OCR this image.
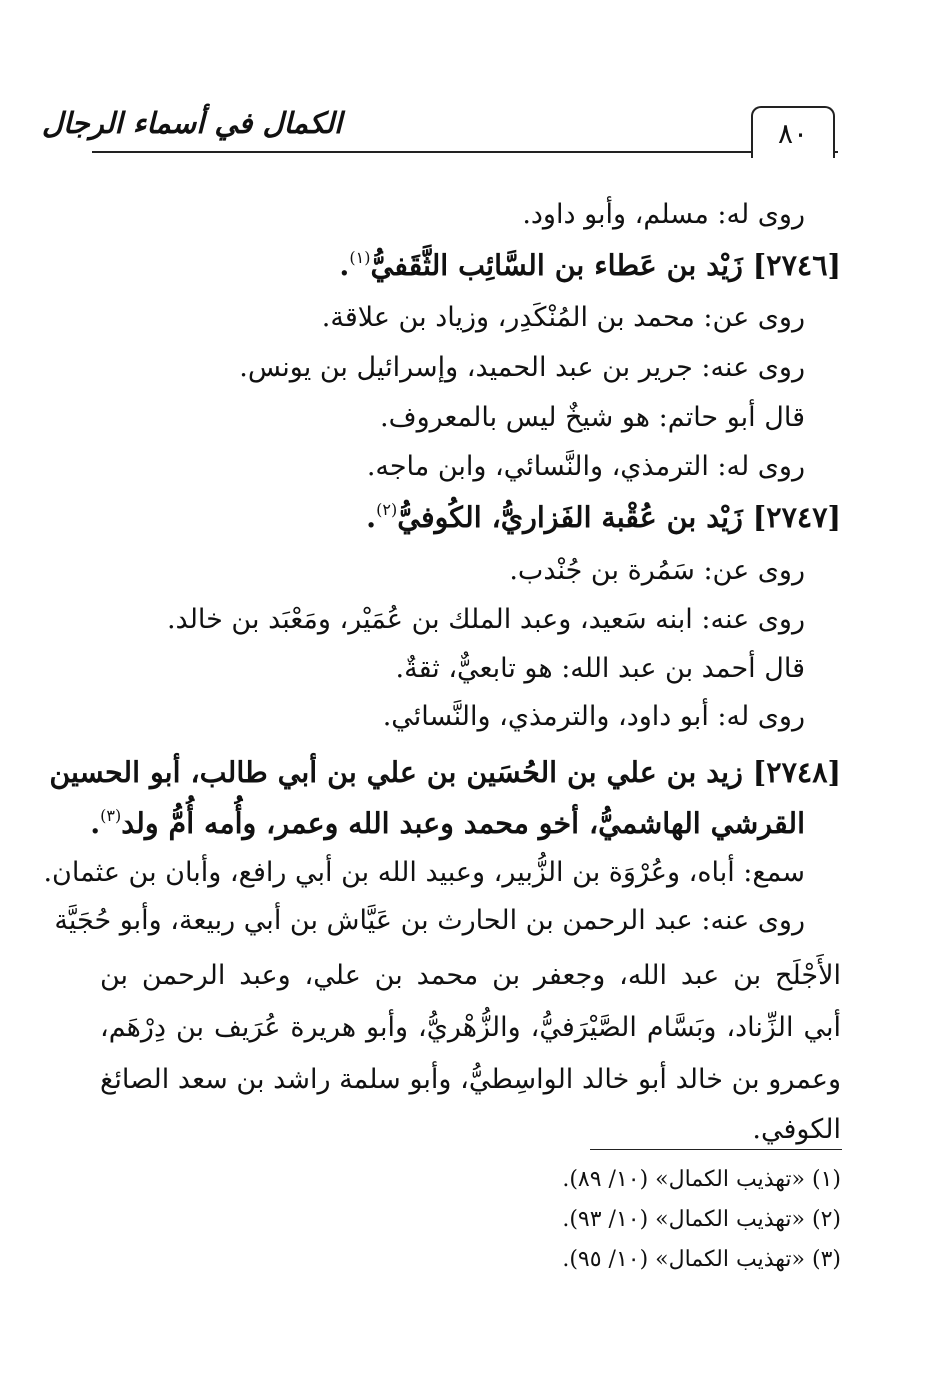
الكمال في أسماء الرجال	٨٠
روى له: مسلم، وأبو داود.
[٢٧٤٦] زَيْد بن عَطاء بن السَّائِب الثَّقَفيُّ$^{(١)}$.
روى عن: محمد بن المُنْكَدِر، وزياد بن علاقة.
روى عنه: جرير بن عبد الحميد، وإسرائيل بن يونس.
قال أبو حاتم: هو شيخٌ ليس بالمعروف.
روى له: الترمذي، والنَّسائي، وابن ماجه.
[٢٧٤٧] زَيْد بن عُقْبة الفَزاريُّ، الكُوفيُّ$^{(٢)}$.
روى عن: سَمُرة بن جُنْدب.
روى عنه: ابنه سَعيد، وعبد الملك بن عُمَيْر، ومَعْبَد بن خالد.
قال أحمد بن عبد الله: هو تابعيٌّ، ثقةٌ.
روى له: أبو داود، والترمذي، والنَّسائي.
[٢٧٤٨] زيد بن علي بن الحُسَين بن علي بن أبي طالب، أبو الحسين
القرشي الهاشميُّ، أخو محمد وعبد الله وعمر، وأُمه أُمُّ ولد$^{(٣)}$.
سمع: أباه، وعُرْوَة بن الزُّبير، وعبيد الله بن أبي رافع، وأبان بن عثمان.
روى عنه: عبد الرحمن بن الحارث بن عَيَّاش بن أبي ربيعة، وأبو حُجَيَّة
الأَجْلَح بن عبد الله، وجعفر بن محمد بن علي، وعبد الرحمن بن
أبي الزِّناد، وبَسَّام الصَّيْرَفيُّ، والزُّهْريُّ، وأبو هريرة عُرَيف بن دِرْهَم،
وعمرو بن خالد أبو خالد الواسِطيُّ، وأبو سلمة راشد بن سعد الصائغ
الكوفي.
(١) «تهذيب الكمال» (١٠/ ٨٩).
(٢) «تهذيب الكمال» (١٠/ ٩٣).
(٣) «تهذيب الكمال» (١٠/ ٩٥).
